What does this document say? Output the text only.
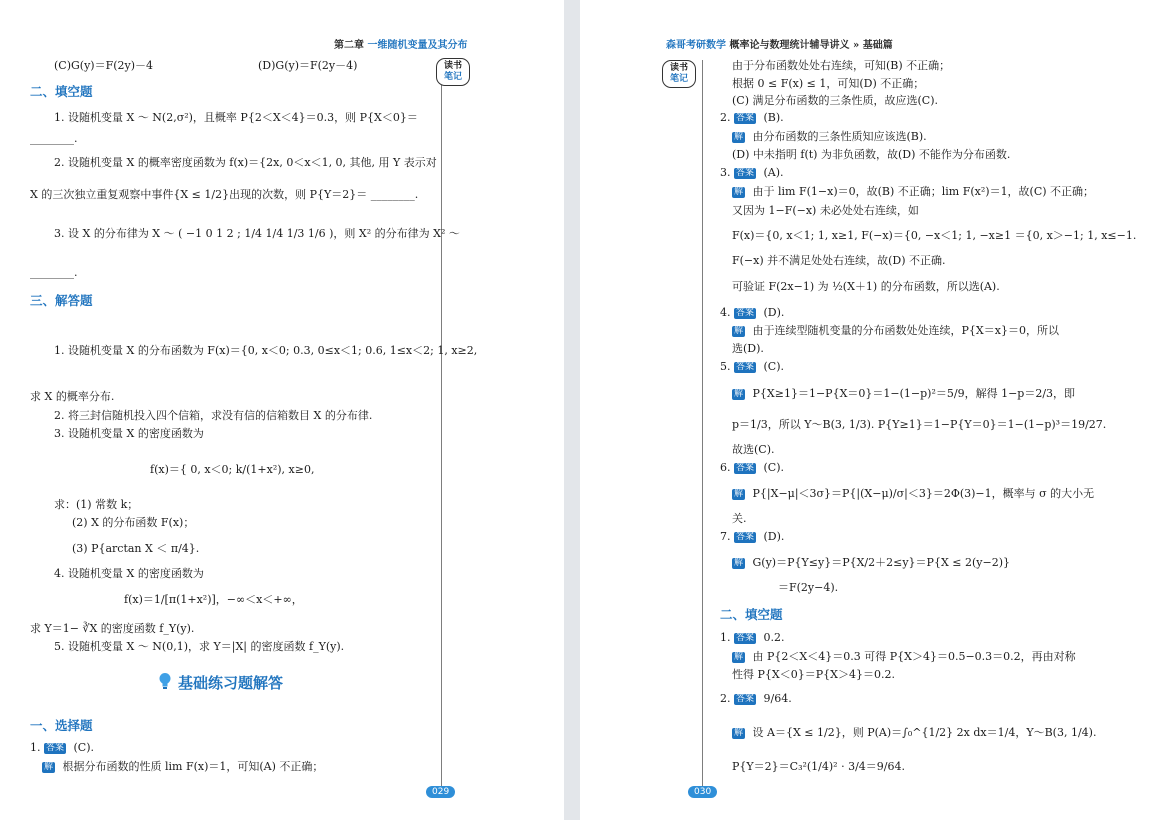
第二章 一维随机变量及其分布
读书
笔记
(C)G(y)＝F(2y)－4	(D)G(y)＝F(2y－4)
二、填空题
1. 设随机变量 X ～ N(2,σ²)，且概率 P{2＜X＜4}＝0.3，则 P{X＜0}＝
________.
2. 设随机变量 X 的概率密度函数为 f(x)＝{2x, 0＜x＜1, 0, 其他, 用 Y 表示对
X 的三次独立重复观察中事件{X ≤ 1/2}出现的次数，则 P{Y＝2}＝ ________.
3. 设 X 的分布律为 X ～ ( −1 0 1 2 ; 1/4 1/4 1/3 1/6 )，则 X² 的分布律为 X² ～
________.
三、解答题
1. 设随机变量 X 的分布函数为 F(x)＝{0, x＜0; 0.3, 0≤x＜1; 0.6, 1≤x＜2; 1, x≥2,
求 X 的概率分布.
2. 将三封信随机投入四个信箱，求没有信的信箱数目 X 的分布律.
3. 设随机变量 X 的密度函数为
f(x)＝{ 0, x＜0; k/(1+x²), x≥0,
求：(1) 常数 k；
(2) X 的分布函数 F(x)；
(3) P{arctan X ＜ π/4}.
4. 设随机变量 X 的密度函数为
f(x)＝1/[π(1+x²)]，−∞＜x＜+∞，
求 Y＝1− ∛X 的密度函数 f_Y(y).
5. 设随机变量 X ～ N(0,1)，求 Y＝|X| 的密度函数 f_Y(y).
基础练习题解答
一、选择题
1. 答案 (C).
解 根据分布函数的性质 lim F(x)＝1，可知(A) 不正确；
029
森哥考研数学 概率论与数理统计辅导讲义 » 基础篇
读书
笔记
由于分布函数处处右连续，可知(B) 不正确；
根据 0 ≤ F(x) ≤ 1，可知(D) 不正确；
(C) 满足分布函数的三条性质，故应选(C).
2. 答案 (B).
解 由分布函数的三条性质知应该选(B).
(D) 中未指明 f(t) 为非负函数，故(D) 不能作为分布函数.
3. 答案 (A).
解 由于 lim F(1−x)＝0，故(B) 不正确；lim F(x²)＝1，故(C) 不正确；
又因为 1−F(−x) 未必处处右连续，如
F(x)＝{0, x＜1; 1, x≥1, F(−x)＝{0, −x＜1; 1, −x≥1 ＝{0, x＞−1; 1, x≤−1.
F(−x) 并不满足处处右连续，故(D) 不正确.
可验证 F(2x−1) 为 ½(X＋1) 的分布函数，所以选(A).
4. 答案 (D).
解 由于连续型随机变量的分布函数处处连续，P{X＝x}＝0，所以
选(D).
5. 答案 (C).
解 P{X≥1}＝1−P{X＝0}＝1−(1−p)²＝5/9，解得 1−p＝2/3，即
p＝1/3，所以 Y～B(3, 1/3). P{Y≥1}＝1−P{Y＝0}＝1−(1−p)³＝19/27.
故选(C).
6. 答案 (C).
解 P{|X−μ|＜3σ}＝P{|(X−μ)/σ|＜3}＝2Φ(3)−1，概率与 σ 的大小无
关.
7. 答案 (D).
解 G(y)＝P{Y≤y}＝P{X/2＋2≤y}＝P{X ≤ 2(y−2)}
＝F(2y−4).
二、填空题
1. 答案 0.2.
解 由 P{2＜X＜4}＝0.3 可得 P{X＞4}＝0.5−0.3＝0.2，再由对称
性得 P{X＜0}＝P{X＞4}＝0.2.
2. 答案 9/64.
解 设 A＝{X ≤ 1/2}，则 P(A)＝∫₀^{1/2} 2x dx＝1/4，Y～B(3, 1/4).
P{Y＝2}＝C₃²(1/4)² · 3/4＝9/64.
030
